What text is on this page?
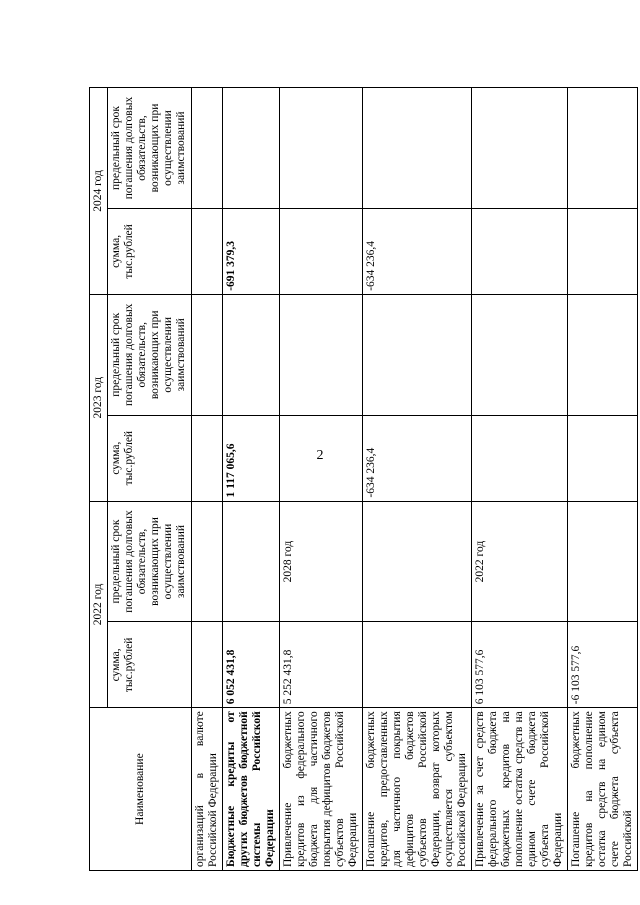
2
Наименование	2022 год		2023 год		2024 год	
	сумма, тыс.рублей	предельный срок погашения долговых обязательств, возникающих при осуществлении заимствований	сумма, тыс.рублей	предельный срок погашения долговых обязательств, возникающих при осуществлении заимствований	сумма, тыс.рублей	предельный срок погашения долговых обязательств, возникающих при осуществлении заимствований
организаций в валюте Российской Федерации						
Бюджетные кредиты от других бюджетов бюджетной системы Российской Федерации	6 052 431,8		1 117 065,6		-691 379,3	
Привлечение бюджетных кредитов из федерального бюджета для частичного покрытия дефицитов бюджетов субъектов Российской Федерации	5 252 431,8	2028 год				
Погашение бюджетных кредитов, предоставленных для частичного покрытия дефицитов бюджетов субъектов Российской Федерации, возврат которых осуществляется субъектом Российской Федерации			-634 236,4		-634 236,4	
Привлечение за счет средств федерального бюджета бюджетных кредитов на пополнение остатка средств на едином счете бюджета субъекта Российской Федерации	6 103 577,6	2022 год				
Погашение бюджетных кредитов на пополнение остатка средств на едином счете бюджета субъекта Российской	-6 103 577,6					
